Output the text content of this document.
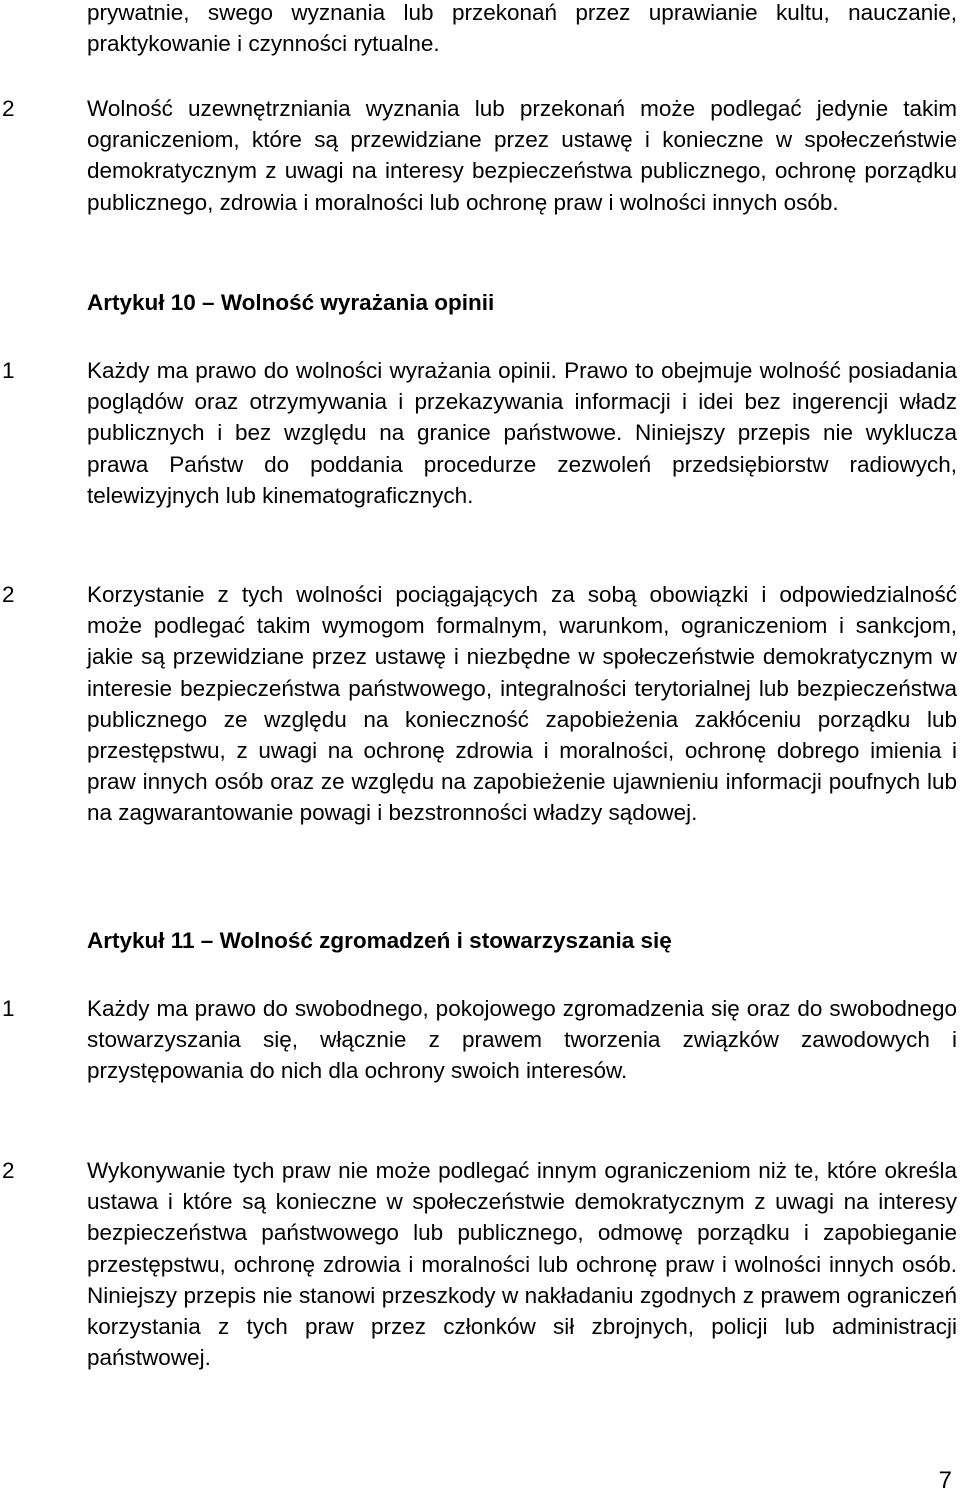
prywatnie, swego wyznania lub przekonań przez uprawianie kultu, nauczanie, praktykowanie i czynności rytualne.

2	Wolność uzewnętrzniania wyznania lub przekonań może podlegać jedynie takim ograniczeniom, które są przewidziane przez ustawę i konieczne w społeczeństwie demokratycznym z uwagi na interesy bezpieczeństwa publicznego, ochronę porządku publicznego, zdrowia i moralności lub ochronę praw i wolności innych osób.

Artykuł 10 – Wolność wyrażania opinii

1	Każdy ma prawo do wolności wyrażania opinii. Prawo to obejmuje wolność posiadania poglądów oraz otrzymywania i przekazywania informacji i idei bez ingerencji władz publicznych i bez względu na granice państwowe. Niniejszy przepis nie wyklucza prawa Państw do poddania procedurze zezwoleń przedsiębiorstw radiowych, telewizyjnych lub kinematograficznych.

2	Korzystanie z tych wolności pociągających za sobą obowiązki i odpowiedzialność może podlegać takim wymogom formalnym, warunkom, ograniczeniom i sankcjom, jakie są przewidziane przez ustawę i niezbędne w społeczeństwie demokratycznym w interesie bezpieczeństwa państwowego, integralności terytorialnej lub bezpieczeństwa publicznego ze względu na konieczność zapobieżenia zakłóceniu porządku lub przestępstwu, z uwagi na ochronę zdrowia i moralności, ochronę dobrego imienia i praw innych osób oraz ze względu na zapobieżenie ujawnieniu informacji poufnych lub na zagwarantowanie powagi i bezstronności władzy sądowej.

Artykuł 11 – Wolność zgromadzeń i stowarzyszania się

1	Każdy ma prawo do swobodnego, pokojowego zgromadzenia się oraz do swobodnego stowarzyszania się, włącznie z prawem tworzenia związków zawodowych i przystępowania do nich dla ochrony swoich interesów.

2	Wykonywanie tych praw nie może podlegać innym ograniczeniom niż te, które określa ustawa i które są konieczne w społeczeństwie demokratycznym z uwagi na interesy bezpieczeństwa państwowego lub publicznego, odmowę porządku i zapobieganie przestępstwu, ochronę zdrowia i moralności lub ochronę praw i wolności innych osób. Niniejszy przepis nie stanowi przeszkody w nakładaniu zgodnych z prawem ograniczeń korzystania z tych praw przez członków sił zbrojnych, policji lub administracji państwowej.

7
